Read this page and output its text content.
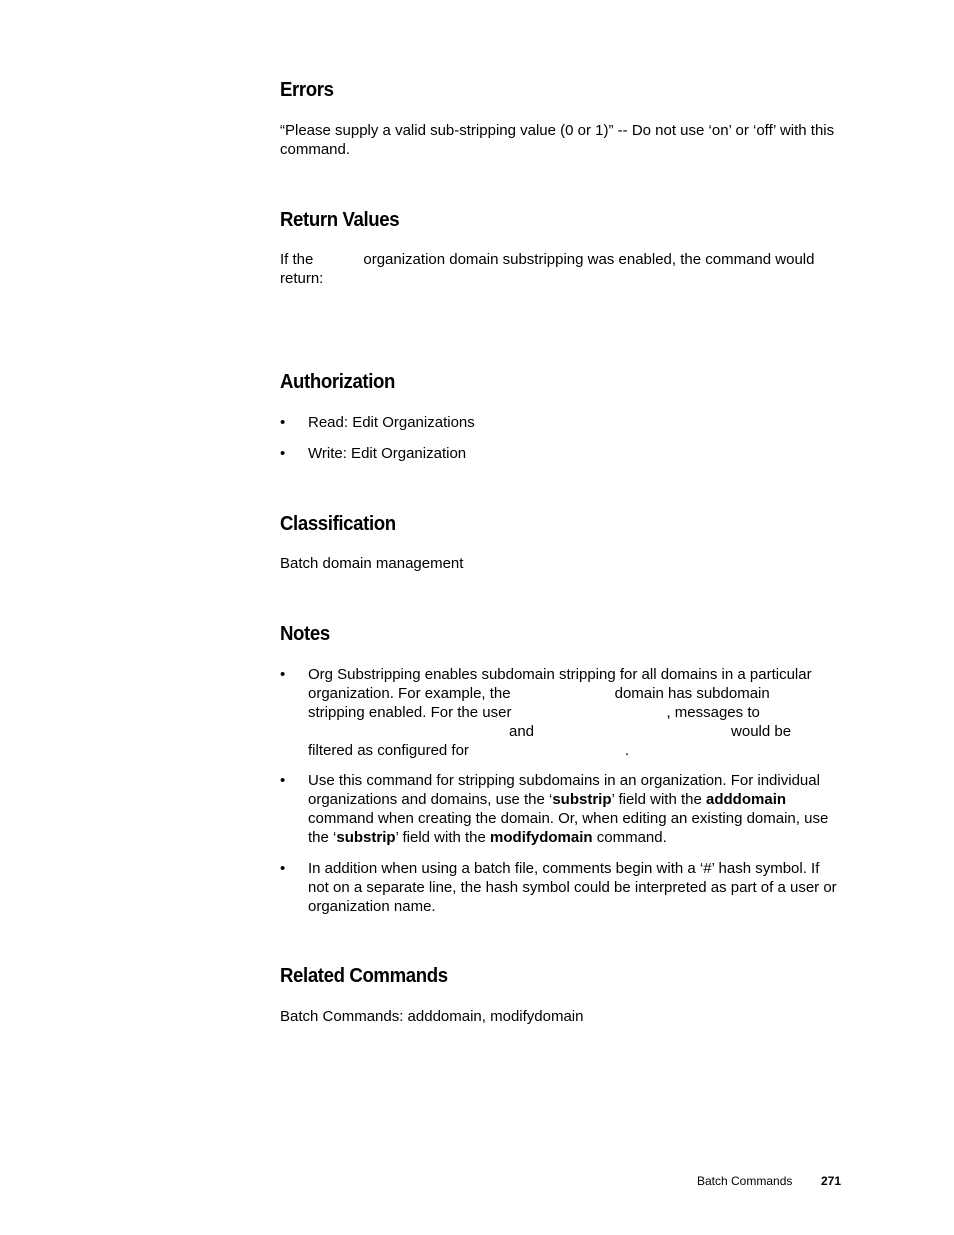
Errors

“Please supply a valid sub-stripping value (0 or 1)” -- Do not use ‘on’ or ‘off’ with this command.

Return Values

If the	organization domain substripping was enabled, the command would return:

Authorization
• Read: Edit Organizations
• Write: Edit Organization
Classification

Batch domain management

Notes
• Org Substripping enables subdomain stripping for all domains in a particular
organization. For example, the	domain has subdomain
stripping enabled. For the user	, messages to
and	would be
filtered as configured for	.
• Use this command for stripping subdomains in an organization. For individual organizations and domains, use the ‘substrip’ field with the adddomain command when creating the domain. Or, when editing an existing domain, use the ‘substrip’ field with the modifydomain command.
• In addition when using a batch file, comments begin with a ‘#’ hash symbol. If not on a separate line, the hash symbol could be interpreted as part of a user or organization name.
Related Commands

Batch Commands: adddomain, modifydomain

Batch Commands 271
